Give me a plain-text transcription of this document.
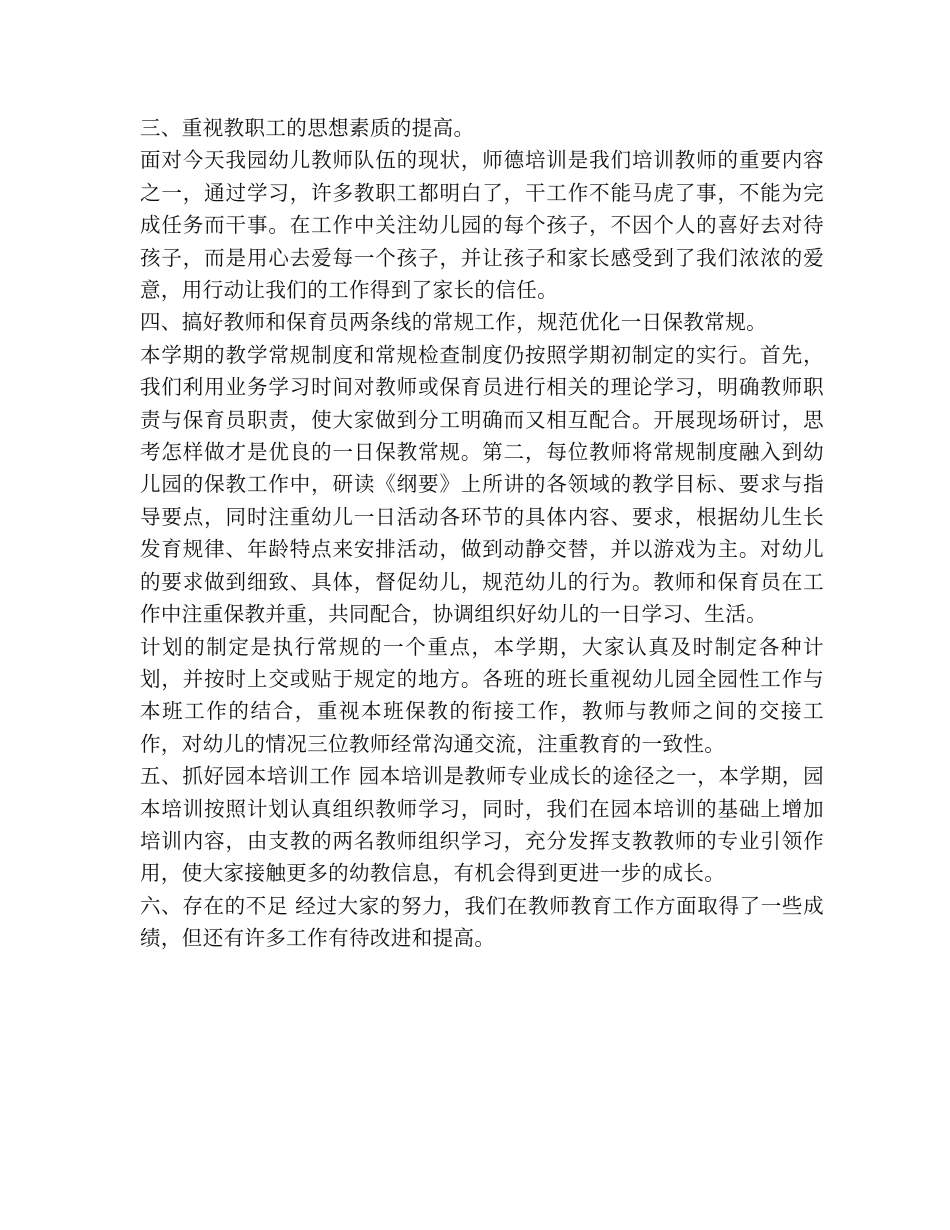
三、重视教职工的思想素质的提高。

面对今天我园幼儿教师队伍的现状，师德培训是我们培训教师的重要内容之一，通过学习，许多教职工都明白了，干工作不能马虎了事，不能为完成任务而干事。在工作中关注幼儿园的每个孩子，不因个人的喜好去对待孩子，而是用心去爱每一个孩子，并让孩子和家长感受到了我们浓浓的爱意，用行动让我们的工作得到了家长的信任。

四、搞好教师和保育员两条线的常规工作，规范优化一日保教常规。

本学期的教学常规制度和常规检查制度仍按照学期初制定的实行。首先，我们利用业务学习时间对教师或保育员进行相关的理论学习，明确教师职责与保育员职责，使大家做到分工明确而又相互配合。开展现场研讨，思考怎样做才是优良的一日保教常规。第二，每位教师将常规制度融入到幼儿园的保教工作中，研读《纲要》上所讲的各领域的教学目标、要求与指导要点，同时注重幼儿一日活动各环节的具体内容、要求，根据幼儿生长发育规律、年龄特点来安排活动，做到动静交替，并以游戏为主。对幼儿的要求做到细致、具体，督促幼儿，规范幼儿的行为。教师和保育员在工作中注重保教并重，共同配合，协调组织好幼儿的一日学习、生活。

计划的制定是执行常规的一个重点，本学期，大家认真及时制定各种计划，并按时上交或贴于规定的地方。各班的班长重视幼儿园全园性工作与本班工作的结合，重视本班保教的衔接工作，教师与教师之间的交接工作，对幼儿的情况三位教师经常沟通交流，注重教育的一致性。

五、抓好园本培训工作 园本培训是教师专业成长的途径之一，本学期，园本培训按照计划认真组织教师学习，同时，我们在园本培训的基础上增加培训内容，由支教的两名教师组织学习，充分发挥支教教师的专业引领作用，使大家接触更多的幼教信息，有机会得到更进一步的成长。

六、存在的不足 经过大家的努力，我们在教师教育工作方面取得了一些成绩，但还有许多工作有待改进和提高。
